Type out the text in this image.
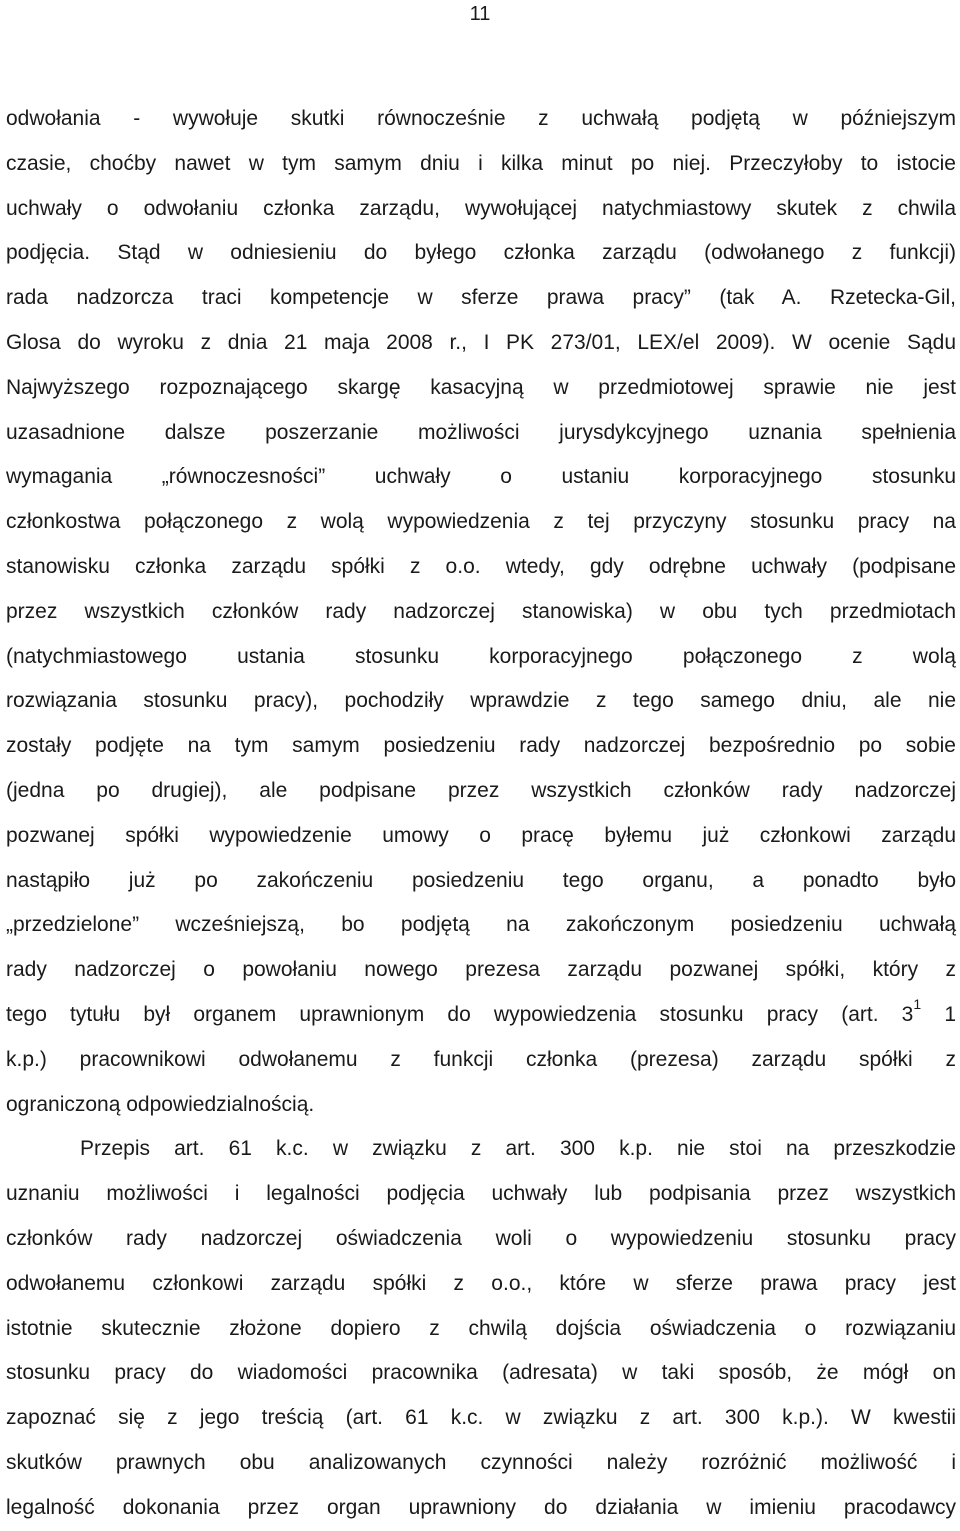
11
odwołania - wywołuje skutki równocześnie z uchwałą podjętą w późniejszym
czasie, choćby nawet w tym samym dniu i kilka minut po niej. Przeczyłoby to istocie
uchwały o odwołaniu członka zarządu, wywołującej natychmiastowy skutek z chwila
podjęcia. Stąd w odniesieniu do byłego członka zarządu (odwołanego z funkcji)
rada nadzorcza traci kompetencje w sferze prawa pracy” (tak A. Rzetecka-Gil,
Glosa do wyroku z dnia 21 maja 2008 r., I PK 273/01, LEX/el 2009). W ocenie Sądu
Najwyższego rozpoznającego skargę kasacyjną w przedmiotowej sprawie nie jest
uzasadnione dalsze poszerzanie możliwości jurysdykcyjnego uznania spełnienia
wymagania „równoczesności” uchwały o ustaniu korporacyjnego stosunku
członkostwa połączonego z wolą wypowiedzenia z tej przyczyny stosunku pracy na
stanowisku członka zarządu spółki z o.o. wtedy, gdy odrębne uchwały (podpisane
przez wszystkich członków rady nadzorczej stanowiska) w obu tych przedmiotach
(natychmiastowego ustania stosunku korporacyjnego połączonego z wolą
rozwiązania stosunku pracy), pochodziły wprawdzie z tego samego dniu, ale nie
zostały podjęte na tym samym posiedzeniu rady nadzorczej bezpośrednio po sobie
(jedna po drugiej), ale podpisane przez wszystkich członków rady nadzorczej
pozwanej spółki wypowiedzenie umowy o pracę byłemu już członkowi zarządu
nastąpiło już po zakończeniu posiedzeniu tego organu, a ponadto było
„przedzielone” wcześniejszą, bo podjętą na zakończonym posiedzeniu uchwałą
rady nadzorczej o powołaniu nowego prezesa zarządu pozwanej spółki, który z
tego tytułu był organem uprawnionym do wypowiedzenia stosunku pracy (art. $3^1$ 1
k.p.) pracownikowi odwołanemu z funkcji członka (prezesa) zarządu spółki z
ograniczoną odpowiedzialnością.
Przepis art. 61 k.c. w związku z art. 300 k.p. nie stoi na przeszkodzie
uznaniu możliwości i legalności podjęcia uchwały lub podpisania przez wszystkich
członków rady nadzorczej oświadczenia woli o wypowiedzeniu stosunku pracy
odwołanemu członkowi zarządu spółki z o.o., które w sferze prawa pracy jest
istotnie skutecznie złożone dopiero z chwilą dojścia oświadczenia o rozwiązaniu
stosunku pracy do wiadomości pracownika (adresata) w taki sposób, że mógł on
zapoznać się z jego treścią (art. 61 k.c. w związku z art. 300 k.p.). W kwestii
skutków prawnych obu analizowanych czynności należy rozróżnić możliwość i
legalność dokonania przez organ uprawniony do działania w imieniu pracodawcy
